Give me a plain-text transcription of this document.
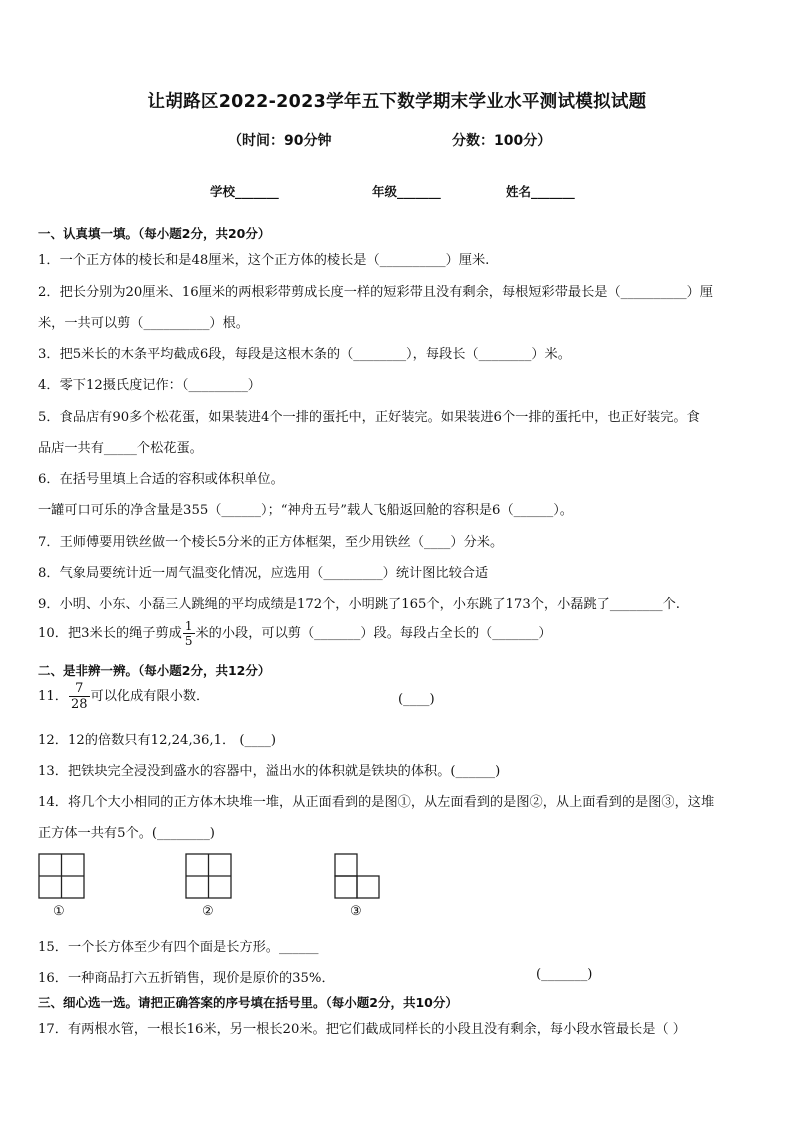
让胡路区2022-2023学年五下数学期末学业水平测试模拟试题
（时间：90分钟	分数：100分）
学校_______	年级_______	姓名_______
一、认真填一填。（每小题2分，共20分）
1．一个正方体的棱长和是48厘米，这个正方体的棱长是（__________）厘米.
2．把长分别为20厘米、16厘米的两根彩带剪成长度一样的短彩带且没有剩余，每根短彩带最长是（__________）厘
米，一共可以剪（__________）根。
3．把5米长的木条平均截成6段，每段是这根木条的（________），每段长（________）米。
4．零下12摄氏度记作：（_________）
5．食品店有90多个松花蛋，如果装进4个一排的蛋托中，正好装完。如果装进6个一排的蛋托中，也正好装完。食
品店一共有_____个松花蛋。
6．在括号里填上合适的容积或体积单位。
一罐可口可乐的净含量是355（______）；“神舟五号”载人飞船返回舱的容积是6（______）。
7．王师傅要用铁丝做一个棱长5分米的正方体框架，至少用铁丝（____）分米。
8．气象局要统计近一周气温变化情况，应选用（_________）统计图比较合适
9．小明、小东、小磊三人跳绳的平均成绩是172个，小明跳了165个，小东跳了173个，小磊跳了________个.
10．把3米长的绳子剪成 $\frac{1}{5}$ 米的小段，可以剪（_______）段。每段占全长的（_______）
二、是非辨一辨。（每小题2分，共12分）
11． $\frac{7}{28}$ 可以化成有限小数．	(____)
12．12的倍数只有12,24,36,1． (____)
13．把铁块完全浸没到盛水的容器中，溢出水的体积就是铁块的体积。(______)
14．将几个大小相同的正方体木块堆一堆，从正面看到的是图①，从左面看到的是图②，从上面看到的是图③，这堆
正方体一共有5个。(________)
①	②	③
15．一个长方体至少有四个面是长方形。______
16．一种商品打六五折销售，现价是原价的35%．	(_______)
三、细心选一选。请把正确答案的序号填在括号里。（每小题2分，共10分）
17．有两根水管，一根长16米，另一根长20米。把它们截成同样长的小段且没有剩余，每小段水管最长是（ ）
